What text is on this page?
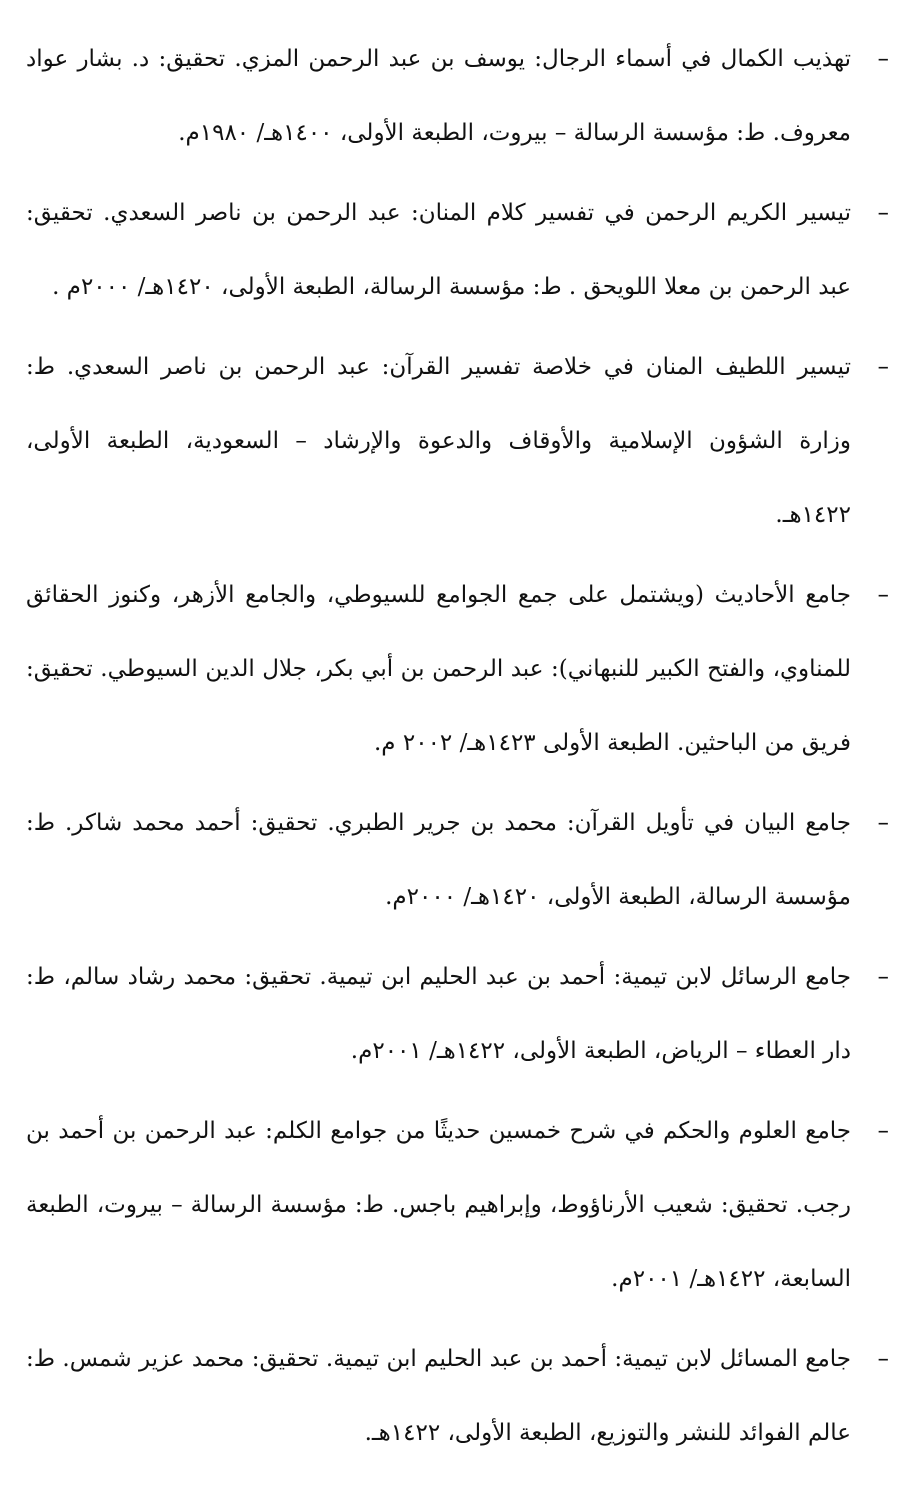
–
تهذيب الكمال في أسماء الرجال: يوسف بن عبد الرحمن المزي. تحقيق: د. بشار عواد معروف. ط: مؤسسة الرسالة – بيروت، الطبعة الأولى، ١٤٠٠هـ/ ١٩٨٠م.
–
تيسير الكريم الرحمن في تفسير كلام المنان: عبد الرحمن بن ناصر السعدي. تحقيق: عبد الرحمن بن معلا اللويحق . ط: مؤسسة الرسالة، الطبعة الأولى، ١٤٢٠هـ/ ٢٠٠٠م .
–
تيسير اللطيف المنان في خلاصة تفسير القرآن: عبد الرحمن بن ناصر السعدي. ط: وزارة الشؤون الإسلامية والأوقاف والدعوة والإرشاد – السعودية، الطبعة الأولى، ١٤٢٢هـ.
–
جامع الأحاديث (ويشتمل على جمع الجوامع للسيوطي، والجامع الأزهر، وكنوز الحقائق للمناوي، والفتح الكبير للنبهاني): عبد الرحمن بن أبي بكر، جلال الدين السيوطي. تحقيق: فريق من الباحثين. الطبعة الأولى ١٤٢٣هـ/ ٢٠٠٢ م.
–
جامع البيان في تأويل القرآن: محمد بن جرير الطبري. تحقيق: أحمد محمد شاكر. ط: مؤسسة الرسالة، الطبعة الأولى، ١٤٢٠هـ/ ٢٠٠٠م.
–
جامع الرسائل لابن تيمية: أحمد بن عبد الحليم ابن تيمية. تحقيق: محمد رشاد سالم، ط: دار العطاء – الرياض، الطبعة الأولى، ١٤٢٢هـ/ ٢٠٠١م.
–
جامع العلوم والحكم في شرح خمسين حديثًا من جوامع الكلم: عبد الرحمن بن أحمد بن رجب. تحقيق: شعيب الأرناؤوط، وإبراهيم باجس. ط: مؤسسة الرسالة – بيروت، الطبعة السابعة، ١٤٢٢هـ/ ٢٠٠١م.
–
جامع المسائل لابن تيمية: أحمد بن عبد الحليم ابن تيمية. تحقيق: محمد عزير شمس. ط: عالم الفوائد للنشر والتوزيع، الطبعة الأولى، ١٤٢٢هـ.
